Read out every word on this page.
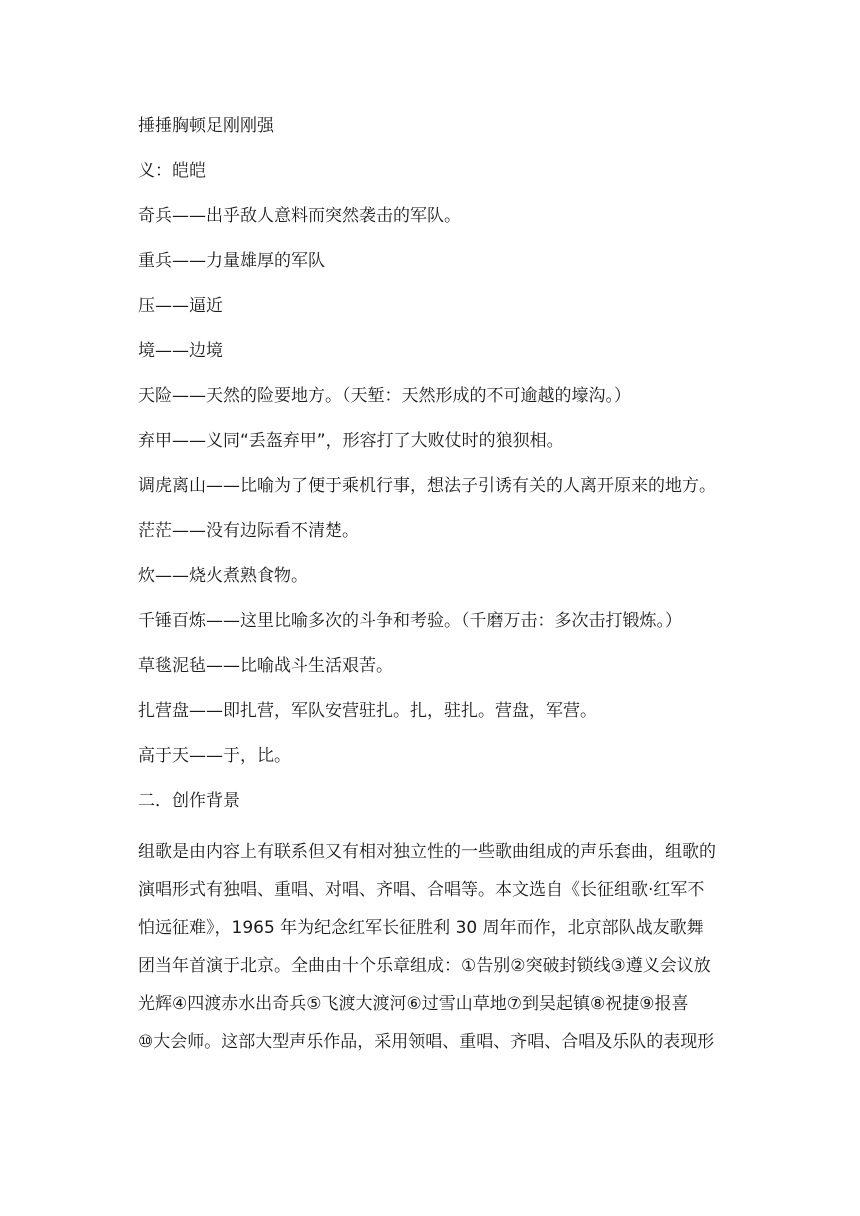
捶捶胸顿足刚刚强
义：皑皑
奇兵——出乎敌人意料而突然袭击的军队。
重兵——力量雄厚的军队
压——逼近
境——边境
天险——天然的险要地方。（天堑：天然形成的不可逾越的壕沟。）
弃甲——义同“丢盔弃甲”，形容打了大败仗时的狼狈相。
调虎离山——比喻为了便于乘机行事，想法子引诱有关的人离开原来的地方。
茫茫——没有边际看不清楚。
炊——烧火煮熟食物。
千锤百炼——这里比喻多次的斗争和考验。（千磨万击：多次击打锻炼。）
草毯泥毡——比喻战斗生活艰苦。
扎营盘——即扎营，军队安营驻扎。扎，驻扎。营盘，军营。
高于天——于，比。
二．创作背景
组歌是由内容上有联系但又有相对独立性的一些歌曲组成的声乐套曲，组歌的
演唱形式有独唱、重唱、对唱、齐唱、合唱等。本文选自《长征组歌·红军不
怕远征难》，1965 年为纪念红军长征胜利 30 周年而作，北京部队战友歌舞
团当年首演于北京。全曲由十个乐章组成：①告别②突破封锁线③遵义会议放
光辉④四渡赤水出奇兵⑤飞渡大渡河⑥过雪山草地⑦到吴起镇⑧祝捷⑨报喜
⑩大会师。这部大型声乐作品，采用领唱、重唱、齐唱、合唱及乐队的表现形
